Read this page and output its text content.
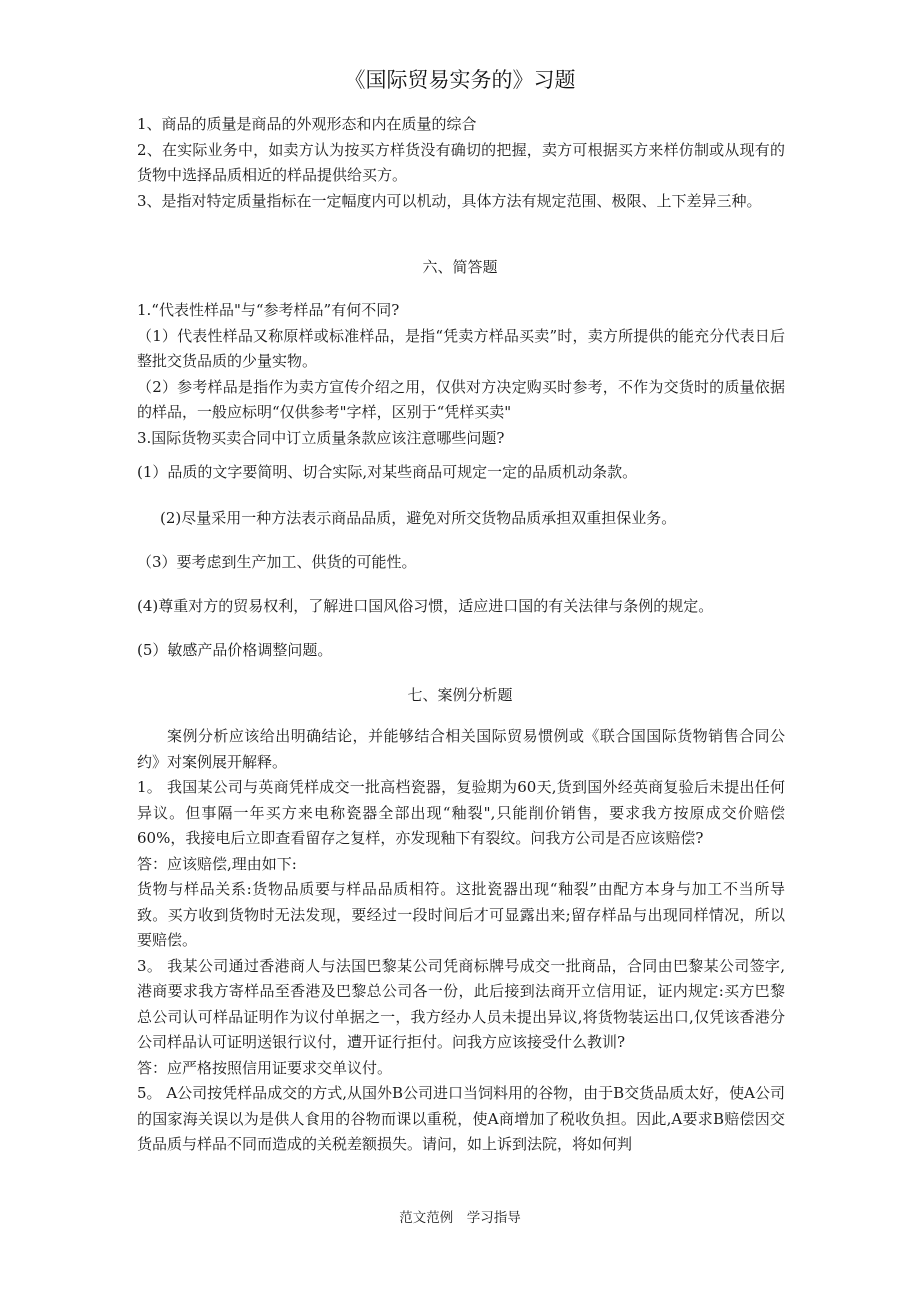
《国际贸易实务的》习题

1、商品的质量是商品的外观形态和内在质量的综合

2、在实际业务中，如卖方认为按买方样货没有确切的把握，卖方可根据买方来样仿制或从现有的货物中选择品质相近的样品提供给买方。

3、是指对特定质量指标在一定幅度内可以机动，具体方法有规定范围、极限、上下差异三种。

六、简答题

1.“代表性样品"与“参考样品”有何不同?

（1）代表性样品又称原样或标准样品，是指“凭卖方样品买卖”时，卖方所提供的能充分代表日后整批交货品质的少量实物。

（2）参考样品是指作为卖方宣传介绍之用，仅供对方决定购买时参考，不作为交货时的质量依据的样品，一般应标明“仅供参考"字样，区别于“凭样买卖"

3.国际货物买卖合同中订立质量条款应该注意哪些问题?

(1）品质的文字要简明、切合实际,对某些商品可规定一定的品质机动条款。
(2)尽量采用一种方法表示商品品质，避免对所交货物品质承担双重担保业务。
（3）要考虑到生产加工、供货的可能性。
(4)尊重对方的贸易权利，了解进口国风俗习惯，适应进口国的有关法律与条例的规定。
(5）敏感产品价格调整问题。
七、案例分析题

案例分析应该给出明确结论，并能够结合相关国际贸易惯例或《联合国国际货物销售合同公约》对案例展开解释。

1。 我国某公司与英商凭样成交一批高档瓷器，复验期为60天,货到国外经英商复验后未提出任何异议。但事隔一年买方来电称瓷器全部出现“釉裂",只能削价销售，要求我方按原成交价赔偿60%，我接电后立即查看留存之复样，亦发现釉下有裂纹。问我方公司是否应该赔偿?

答：应该赔偿,理由如下:

货物与样品关系:货物品质要与样品品质相符。这批瓷器出现“釉裂”由配方本身与加工不当所导致。买方收到货物时无法发现，要经过一段时间后才可显露出来;留存样品与出现同样情况，所以要赔偿。

3。 我某公司通过香港商人与法国巴黎某公司凭商标牌号成交一批商品，合同由巴黎某公司签字,港商要求我方寄样品至香港及巴黎总公司各一份，此后接到法商开立信用证，证内规定:买方巴黎总公司认可样品证明作为议付单据之一，我方经办人员未提出异议,将货物装运出口,仅凭该香港分公司样品认可证明送银行议付，遭开证行拒付。问我方应该接受什么教训?

答：应严格按照信用证要求交单议付。

5。 A公司按凭样品成交的方式,从国外B公司进口当饲料用的谷物，由于B交货品质太好，使A公司的国家海关误以为是供人食用的谷物而课以重税，使A商增加了税收负担。因此,A要求B赔偿因交货品质与样品不同而造成的关税差额损失。请问，如上诉到法院，将如何判

范文范例　学习指导
